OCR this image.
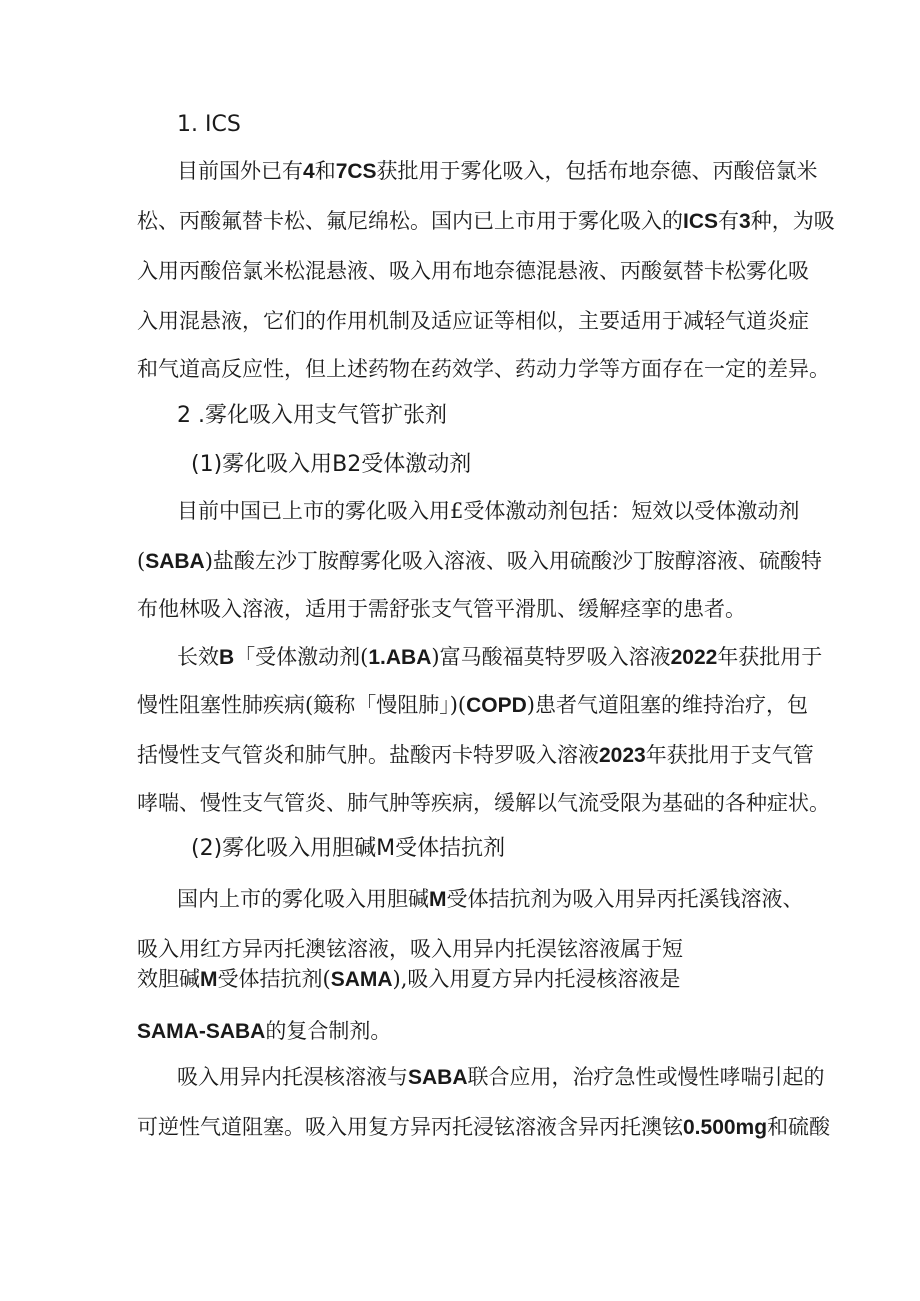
1. ICS
目前国外已有4和7CS获批用于雾化吸入，包括布地奈德、丙酸倍氯米
松、丙酸氟替卡松、氟尼绵松。国内已上市用于雾化吸入的ICS有3种，为吸
入用丙酸倍氯米松混悬液、吸入用布地奈德混悬液、丙酸氨替卡松雾化吸
入用混悬液，它们的作用机制及适应证等相似，主要适用于减轻气道炎症
和气道高反应性，但上述药物在药效学、药动力学等方面存在一定的差异。
2 .雾化吸入用支气管扩张剂
(1)雾化吸入用B2受体激动剂
目前中国已上市的雾化吸入用£受体激动剂包括：短效以受体激动剂
(SABA)盐酸左沙丁胺醇雾化吸入溶液、吸入用硫酸沙丁胺醇溶液、硫酸特
布他林吸入溶液，适用于需舒张支气管平滑肌、缓解痉挛的患者。
长效B「受体激动剂(1.ABA)富马酸福莫特罗吸入溶液2022年获批用于
慢性阻塞性肺疾病(簸称「慢阻肺」)(COPD)患者气道阻塞的维持治疗，包
括慢性支气管炎和肺气肿。盐酸丙卡特罗吸入溶液2023年获批用于支气管
哮喘、慢性支气管炎、肺气肿等疾病，缓解以气流受限为基础的各种症状。
(2)雾化吸入用胆碱M受体拮抗剂
国内上市的雾化吸入用胆碱M受体拮抗剂为吸入用异丙托溪钱溶液、
吸入用红方异丙托澳铉溶液，吸入用异内托淏铉溶液属于短
效胆碱M受体拮抗剂(SAMA),吸入用夏方异内托浸核溶液是
SAMA-SABA的复合制剂。
吸入用异内托淏核溶液与SABA联合应用，治疗急性或慢性哮喘引起的
可逆性气道阻塞。吸入用复方异丙托浸铉溶液含异丙托澳铉0.500mg和硫酸
